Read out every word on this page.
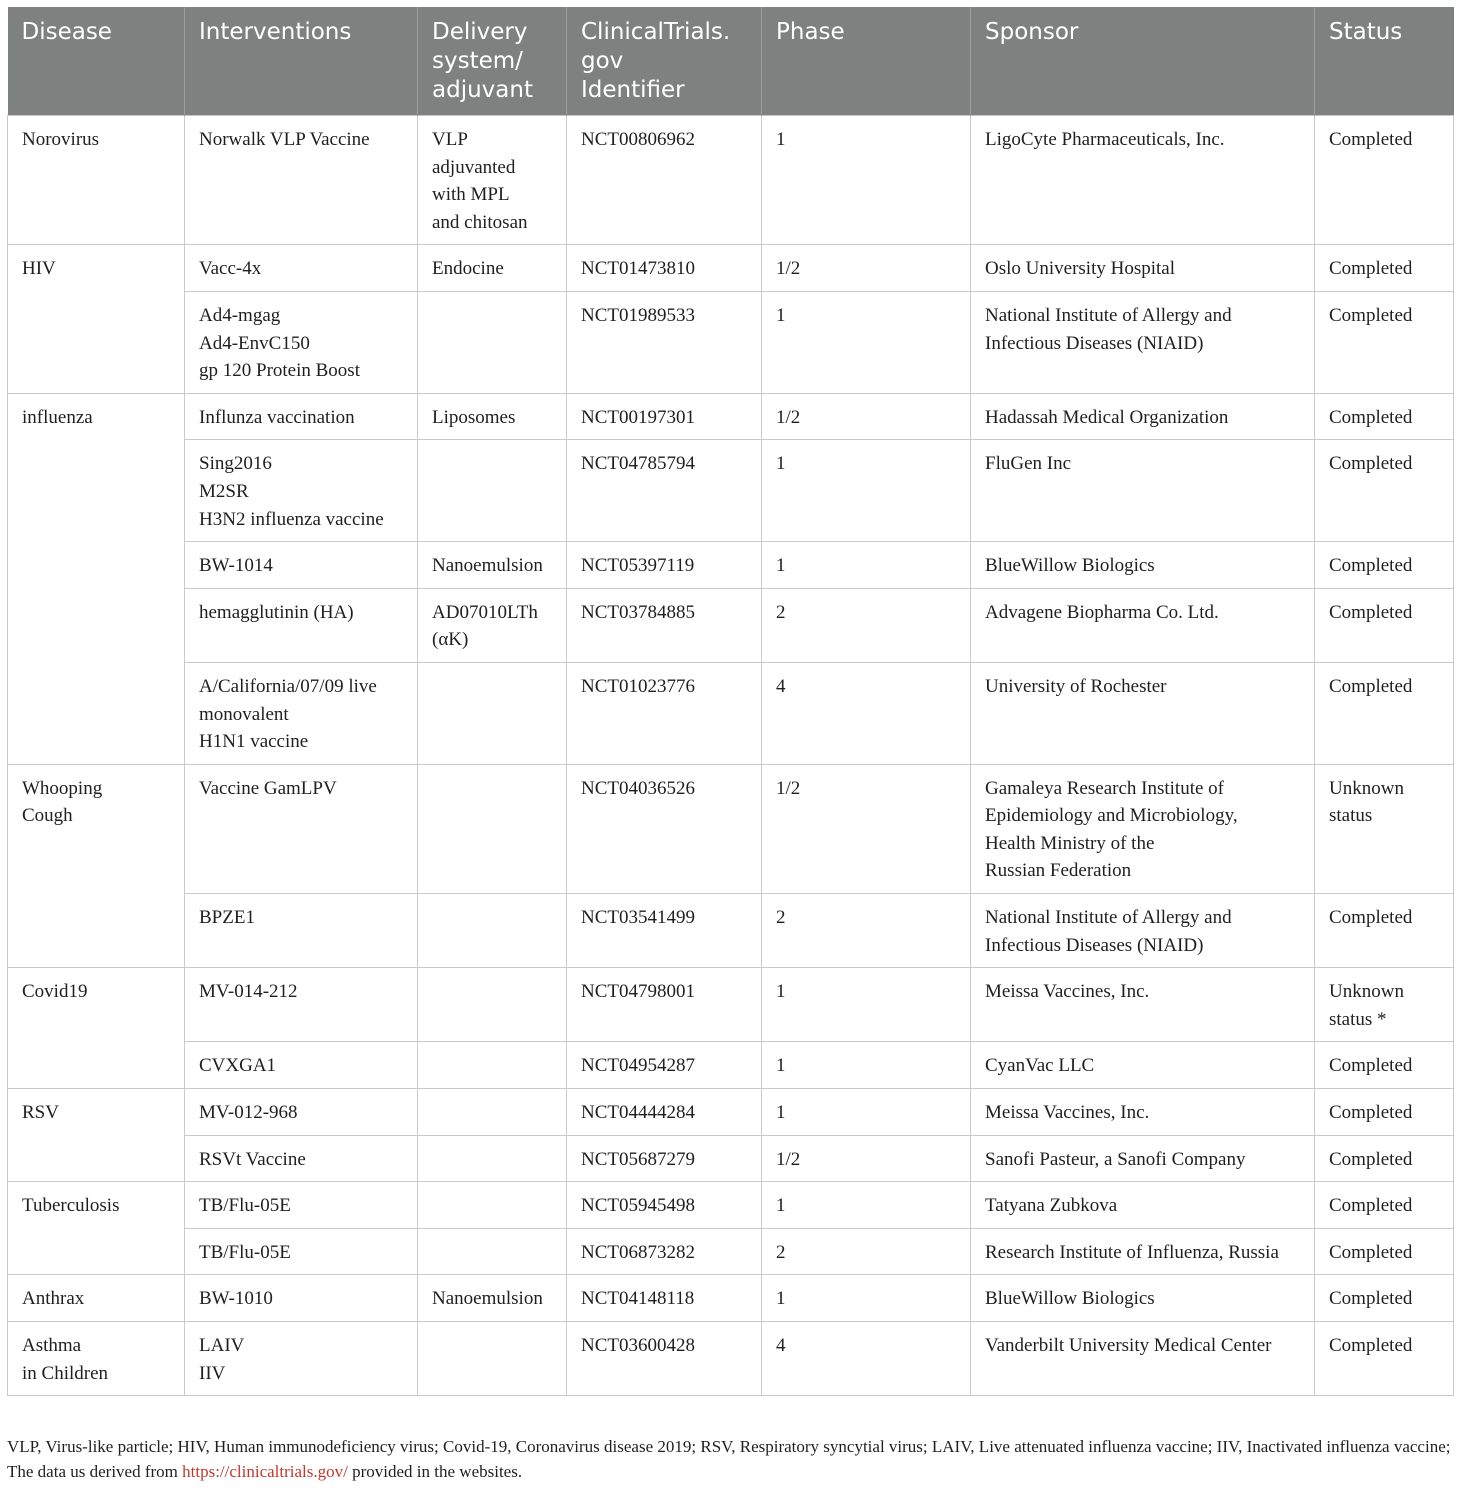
Disease	Interventions	Delivery
system/
adjuvant	ClinicalTrials.
gov
Identifier	Phase	Sponsor	Status

Norovirus	Norwalk VLP Vaccine	VLP
adjuvanted
with MPL
and chitosan	NCT00806962	1	LigoCyte Pharmaceuticals, Inc.	Completed

HIV	Vacc-4x	Endocine	NCT01473810	1/2	Oslo University Hospital	Completed

	Ad4-mgag
Ad4-EnvC150
gp 120 Protein Boost		NCT01989533	1	National Institute of Allergy and
Infectious Diseases (NIAID)	Completed

influenza	Influnza vaccination	Liposomes	NCT00197301	1/2	Hadassah Medical Organization	Completed

	Sing2016
M2SR
H3N2 influenza vaccine		NCT04785794	1	FluGen Inc	Completed

	BW-1014	Nanoemulsion	NCT05397119	1	BlueWillow Biologics	Completed

	hemagglutinin (HA)	AD07010LTh
(αK)	NCT03784885	2	Advagene Biopharma Co. Ltd.	Completed

	A/California/07/09 live
monovalent
H1N1 vaccine		NCT01023776	4	University of Rochester	Completed

Whooping
Cough	Vaccine GamLPV		NCT04036526	1/2	Gamaleya Research Institute of
Epidemiology and Microbiology,
Health Ministry of the
Russian Federation	Unknown
status

	BPZE1		NCT03541499	2	National Institute of Allergy and
Infectious Diseases (NIAID)	Completed

Covid19	MV-014-212		NCT04798001	1	Meissa Vaccines, Inc.	Unknown
status *

	CVXGA1		NCT04954287	1	CyanVac LLC	Completed

RSV	MV-012-968		NCT04444284	1	Meissa Vaccines, Inc.	Completed

	RSVt Vaccine		NCT05687279	1/2	Sanofi Pasteur, a Sanofi Company	Completed

Tuberculosis	TB/Flu-05E		NCT05945498	1	Tatyana Zubkova	Completed

	TB/Flu-05E		NCT06873282	2	Research Institute of Influenza, Russia	Completed

Anthrax	BW-1010	Nanoemulsion	NCT04148118	1	BlueWillow Biologics	Completed

Asthma
in Children	LAIV
IIV		NCT03600428	4	Vanderbilt University Medical Center	Completed
VLP, Virus-like particle; HIV, Human immunodeficiency virus; Covid-19, Coronavirus disease 2019; RSV, Respiratory syncytial virus; LAIV, Live attenuated influenza vaccine; IIV, Inactivated influenza vaccine; The data us derived from https://clinicaltrials.gov/ provided in the websites.
